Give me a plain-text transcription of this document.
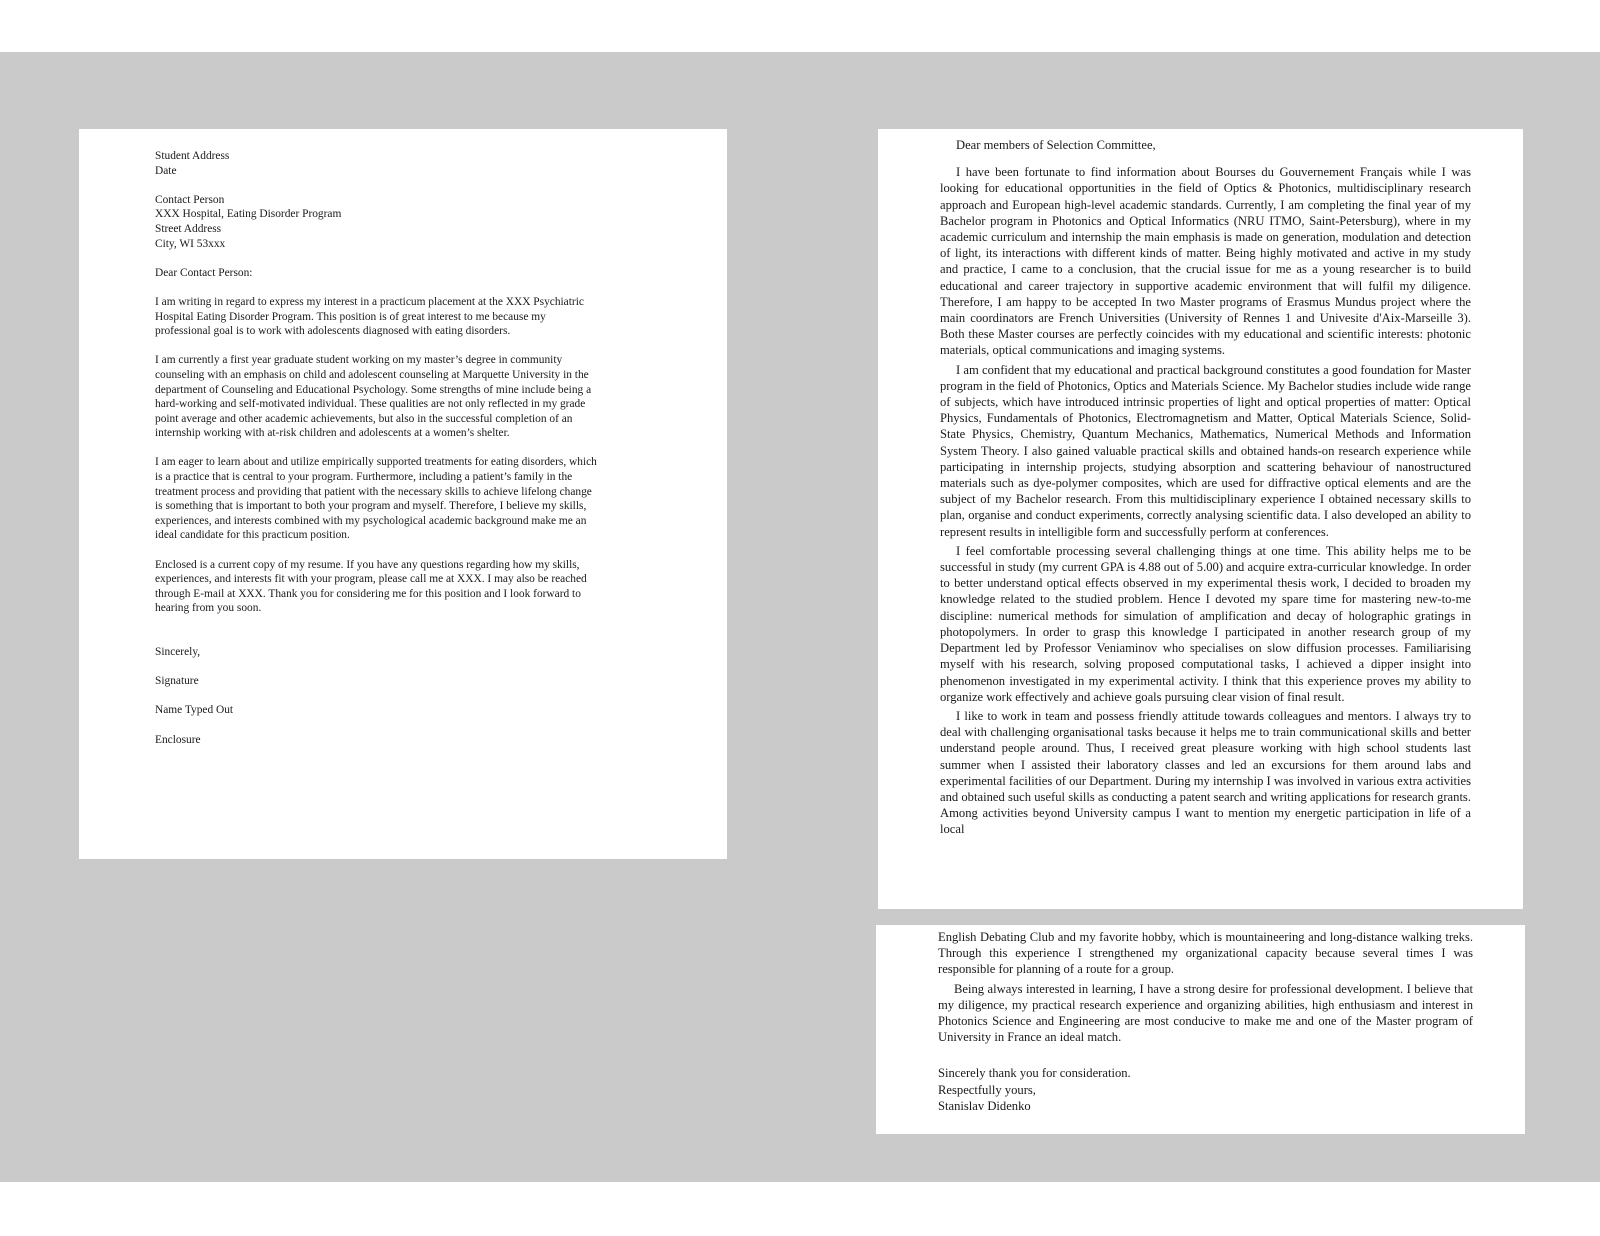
Student Address
Date
Contact Person
XXX Hospital, Eating Disorder Program
Street Address
City, WI 53xxx
Dear Contact Person:
I am writing in regard to express my interest in a practicum placement at the XXX Psychiatric
Hospital Eating Disorder Program. This position is of great interest to me because my
professional goal is to work with adolescents diagnosed with eating disorders.
I am currently a first year graduate student working on my master’s degree in community
counseling with an emphasis on child and adolescent counseling at Marquette University in the
department of Counseling and Educational Psychology. Some strengths of mine include being a
hard-working and self-motivated individual. These qualities are not only reflected in my grade
point average and other academic achievements, but also in the successful completion of an
internship working with at-risk children and adolescents at a women’s shelter.
I am eager to learn about and utilize empirically supported treatments for eating disorders, which
is a practice that is central to your program. Furthermore, including a patient’s family in the
treatment process and providing that patient with the necessary skills to achieve lifelong change
is something that is important to both your program and myself. Therefore, I believe my skills,
experiences, and interests combined with my psychological academic background make me an
ideal candidate for this practicum position.
Enclosed is a current copy of my resume. If you have any questions regarding how my skills,
experiences, and interests fit with your program, please call me at XXX. I may also be reached
through E-mail at XXX. Thank you for considering me for this position and I look forward to
hearing from you soon.
Sincerely,
Signature
Name Typed Out
Enclosure

Dear members of Selection Committee,

I have been fortunate to find information about Bourses du Gouvernement Français while I was looking for educational opportunities in the field of Optics & Photonics, multidisciplinary research approach and European high-level academic standards. Currently, I am completing the final year of my Bachelor program in Photonics and Optical Informatics (NRU ITMO, Saint-Petersburg), where in my academic curriculum and internship the main emphasis is made on generation, modulation and detection of light, its interactions with different kinds of matter. Being highly motivated and active in my study and practice, I came to a conclusion, that the crucial issue for me as a young researcher is to build educational and career trajectory in supportive academic environment that will fulfil my diligence. Therefore, I am happy to be accepted In two Master programs of Erasmus Mundus project where the main coordinators are French Universities (University of Rennes 1 and Univesite d'Aix-Marseille 3). Both these Master courses are perfectly coincides with my educational and scientific interests: photonic materials, optical communications and imaging systems.

I am confident that my educational and practical background constitutes a good foundation for Master program in the field of Photonics, Optics and Materials Science. My Bachelor studies include wide range of subjects, which have introduced intrinsic properties of light and optical properties of matter: Optical Physics, Fundamentals of Photonics, Electromagnetism and Matter, Optical Materials Science, Solid-State Physics, Chemistry, Quantum Mechanics, Mathematics, Numerical Methods and Information System Theory. I also gained valuable practical skills and obtained hands-on research experience while participating in internship projects, studying absorption and scattering behaviour of nanostructured materials such as dye-polymer composites, which are used for diffractive optical elements and are the subject of my Bachelor research. From this multidisciplinary experience I obtained necessary skills to plan, organise and conduct experiments, correctly analysing scientific data. I also developed an ability to represent results in intelligible form and successfully perform at conferences.

I feel comfortable processing several challenging things at one time. This ability helps me to be successful in study (my current GPA is 4.88 out of 5.00) and acquire extra-curricular knowledge. In order to better understand optical effects observed in my experimental thesis work, I decided to broaden my knowledge related to the studied problem. Hence I devoted my spare time for mastering new-to-me discipline: numerical methods for simulation of amplification and decay of holographic gratings in photopolymers. In order to grasp this knowledge I participated in another research group of my Department led by Professor Veniaminov who specialises on slow diffusion processes. Familiarising myself with his research, solving proposed computational tasks, I achieved a dipper insight into phenomenon investigated in my experimental activity. I think that this experience proves my ability to organize work effectively and achieve goals pursuing clear vision of final result.

I like to work in team and possess friendly attitude towards colleagues and mentors. I always try to deal with challenging organisational tasks because it helps me to train communicational skills and better understand people around. Thus, I received great pleasure working with high school students last summer when I assisted their laboratory classes and led an excursions for them around labs and experimental facilities of our Department. During my internship I was involved in various extra activities and obtained such useful skills as conducting a patent search and writing applications for research grants. Among activities beyond University campus I want to mention my energetic participation in life of a local

English Debating Club and my favorite hobby, which is mountaineering and long-distance walking treks. Through this experience I strengthened my organizational capacity because several times I was responsible for planning of a route for a group.

Being always interested in learning, I have a strong desire for professional development. I believe that my diligence, my practical research experience and organizing abilities, high enthusiasm and interest in Photonics Science and Engineering are most conducive to make me and one of the Master program of University in France an ideal match.

Sincerely thank you for consideration.
Respectfully yours,
Stanislav Didenko
